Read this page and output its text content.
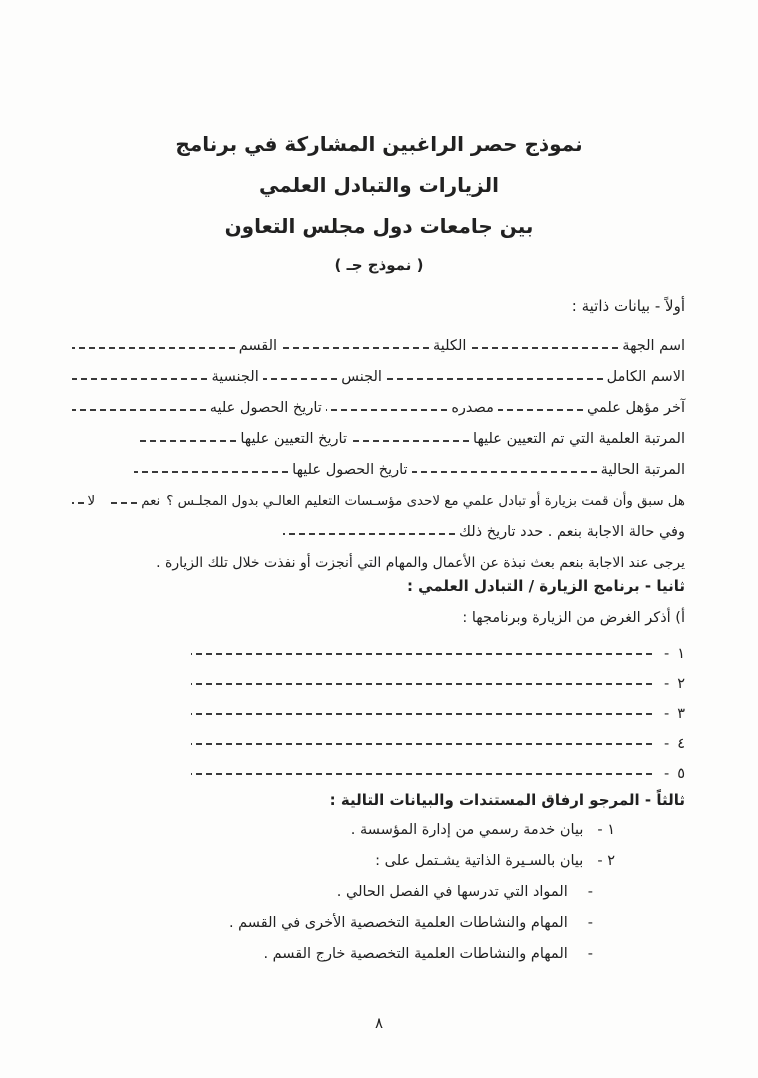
نموذج حصر الراغبين المشاركة في برنامج
الزيارات والتبادل العلمي
بين جامعات دول مجلس التعاون
( نموذج جـ )
أولاً - بيانات ذاتية :
اسم الجهة
الكلية
القسم
الاسم الكامل
الجنس
الجنسية
آخر مؤهل علمي
مصدره
تاريخ الحصول عليه
المرتبة العلمية التي تم التعيين عليها
تاريخ التعيين عليها
المرتبة الحالية
تاريخ الحصول عليها
هل سبق وأن قمت بزيارة أو تبادل علمي مع لاحدى مؤسـسات التعليم العالـي بدول المجلـس ؟
نعم
لا
وفي حالة الاجابة بنعم . حدد تاريخ ذلك
يرجى عند الاجابة بنعم بعث نبذة عن الأعمال والمهام التي أنجزت أو نفذت خلال تلك الزيارة .
ثانيا - برنامج الزيارة / التبادل العلمي :
أ) أذكر الغرض من الزيارة وبرنامجها :
١
-
٢
-
٣
-
٤
-
٥
-
ثالثاً - المرجو ارفاق المستندات والبيانات التالية :
١ -
بيان خدمة رسمي من إدارة المؤسسة .
٢ -
بيان بالسـيرة الذاتية يشـتمل على :
-
المواد التي تدرسها في الفصل الحالي .
-
المهام والنشاطات العلمية التخصصية الأخرى في القسم .
-
المهام والنشاطات العلمية التخصصية خارج القسم .
٨
